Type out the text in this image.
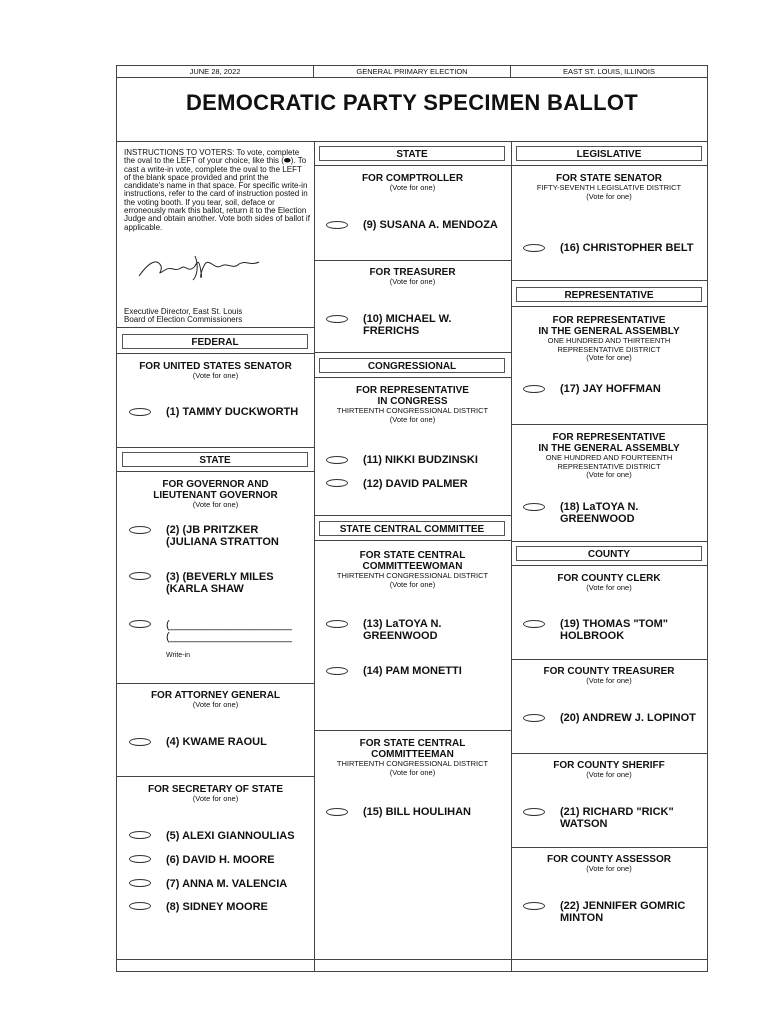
JUNE 28, 2022	GENERAL PRIMARY ELECTION	EAST ST. LOUIS, ILLINOIS
DEMOCRATIC PARTY SPECIMEN BALLOT
INSTRUCTIONS TO VOTERS: To vote, complete the oval to the LEFT of your choice, like this (⬬). To cast a write-in vote, complete the oval to the LEFT of the blank space provided and print the candidate's name in that space. For specific write-in instructions, refer to the card of instruction posted in the voting booth. If you tear, soil, deface or erroneously mark this ballot, return it to the Election Judge and obtain another. Vote both sides of ballot if applicable.
Executive Director, East St. Louis
Board of Election Commissioners
FEDERAL
FOR UNITED STATES SENATOR
(Vote for one)
(1) TAMMY DUCKWORTH
STATE
FOR GOVERNOR AND
LIEUTENANT GOVERNOR
(Vote for one)
(2) (JB PRITZKER
(JULIANA STRATTON
(3) (BEVERLY MILES
(KARLA SHAW
(____________________
(____________________
Write-in
FOR ATTORNEY GENERAL
(Vote for one)
(4) KWAME RAOUL
FOR SECRETARY OF STATE
(Vote for one)
(5) ALEXI GIANNOULIAS
(6) DAVID H. MOORE
(7) ANNA M. VALENCIA
(8) SIDNEY MOORE
STATE
FOR COMPTROLLER
(Vote for one)
(9) SUSANA A. MENDOZA
FOR TREASURER
(Vote for one)
(10) MICHAEL W.
FRERICHS
CONGRESSIONAL
FOR REPRESENTATIVE
IN CONGRESS
THIRTEENTH CONGRESSIONAL DISTRICT
(Vote for one)
(11) NIKKI BUDZINSKI
(12) DAVID PALMER
STATE CENTRAL COMMITTEE
FOR STATE CENTRAL
COMMITTEEWOMAN
THIRTEENTH CONGRESSIONAL DISTRICT
(Vote for one)
(13) LaTOYA N.
GREENWOOD
(14) PAM MONETTI
FOR STATE CENTRAL
COMMITTEEMAN
THIRTEENTH CONGRESSIONAL DISTRICT
(Vote for one)
(15) BILL HOULIHAN
LEGISLATIVE
FOR STATE SENATOR
FIFTY-SEVENTH LEGISLATIVE DISTRICT
(Vote for one)
(16) CHRISTOPHER BELT
REPRESENTATIVE
FOR REPRESENTATIVE
IN THE GENERAL ASSEMBLY
ONE HUNDRED AND THIRTEENTH
REPRESENTATIVE DISTRICT
(Vote for one)
(17) JAY HOFFMAN
FOR REPRESENTATIVE
IN THE GENERAL ASSEMBLY
ONE HUNDRED AND FOURTEENTH
REPRESENTATIVE DISTRICT
(Vote for one)
(18) LaTOYA N.
GREENWOOD
COUNTY
FOR COUNTY CLERK
(Vote for one)
(19) THOMAS "TOM"
HOLBROOK
FOR COUNTY TREASURER
(Vote for one)
(20) ANDREW J. LOPINOT
FOR COUNTY SHERIFF
(Vote for one)
(21) RICHARD "RICK"
WATSON
FOR COUNTY ASSESSOR
(Vote for one)
(22) JENNIFER GOMRIC
MINTON
